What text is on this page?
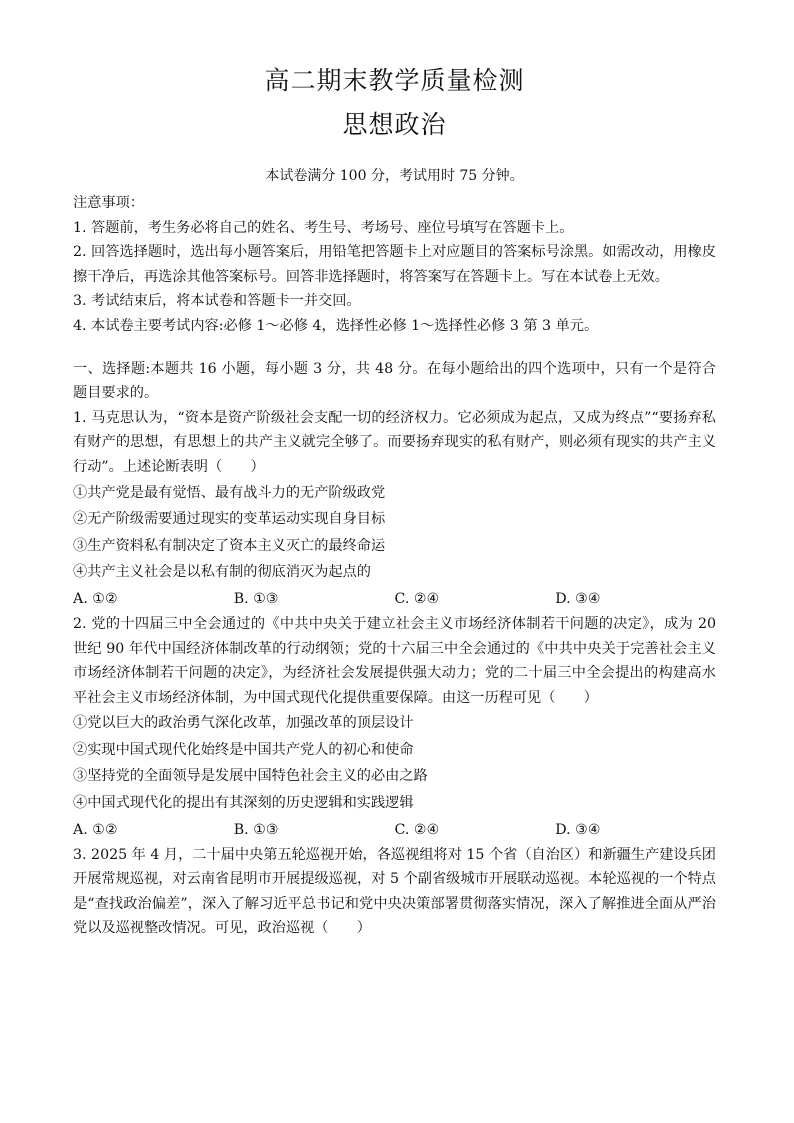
高二期末教学质量检测
思想政治
本试卷满分 100 分，考试用时 75 分钟。

注意事项：

1. 答题前，考生务必将自己的姓名、考生号、考场号、座位号填写在答题卡上。

2. 回答选择题时，选出每小题答案后，用铅笔把答题卡上对应题目的答案标号涂黑。如需改动，用橡皮擦干净后，再选涂其他答案标号。回答非选择题时，将答案写在答题卡上。写在本试卷上无效。

3. 考试结束后，将本试卷和答题卡一并交回。

4. 本试卷主要考试内容:必修 1～必修 4，选择性必修 1～选择性必修 3 第 3 单元。

一、选择题:本题共 16 小题，每小题 3 分，共 48 分。在每小题给出的四个选项中，只有一个是符合题目要求的。

1. 马克思认为，“资本是资产阶级社会支配一切的经济权力。它必须成为起点，又成为终点”“要扬弃私有财产的思想，有思想上的共产主义就完全够了。而要扬弃现实的私有财产，则必须有现实的共产主义行动”。上述论断表明（　　）

①共产党是最有觉悟、最有战斗力的无产阶级政党

②无产阶级需要通过现实的变革运动实现自身目标

③生产资料私有制决定了资本主义灭亡的最终命运

④共产主义社会是以私有制的彻底消灭为起点的

A. ①②	B. ①③	C. ②④	D. ③④

2. 党的十四届三中全会通过的《中共中央关于建立社会主义市场经济体制若干问题的决定》，成为 20 世纪 90 年代中国经济体制改革的行动纲领；党的十六届三中全会通过的《中共中央关于完善社会主义市场经济体制若干问题的决定》，为经济社会发展提供强大动力；党的二十届三中全会提出的构建高水平社会主义市场经济体制，为中国式现代化提供重要保障。由这一历程可见（　　）

①党以巨大的政治勇气深化改革，加强改革的顶层设计

②实现中国式现代化始终是中国共产党人的初心和使命

③坚持党的全面领导是发展中国特色社会主义的必由之路

④中国式现代化的提出有其深刻的历史逻辑和实践逻辑

A. ①②	B. ①③	C. ②④	D. ③④

3. 2025 年 4 月，二十届中央第五轮巡视开始，各巡视组将对 15 个省（自治区）和新疆生产建设兵团开展常规巡视，对云南省昆明市开展提级巡视，对 5 个副省级城市开展联动巡视。本轮巡视的一个特点是“查找政治偏差”，深入了解习近平总书记和党中央决策部署贯彻落实情况，深入了解推进全面从严治党以及巡视整改情况。可见，政治巡视（　　）
